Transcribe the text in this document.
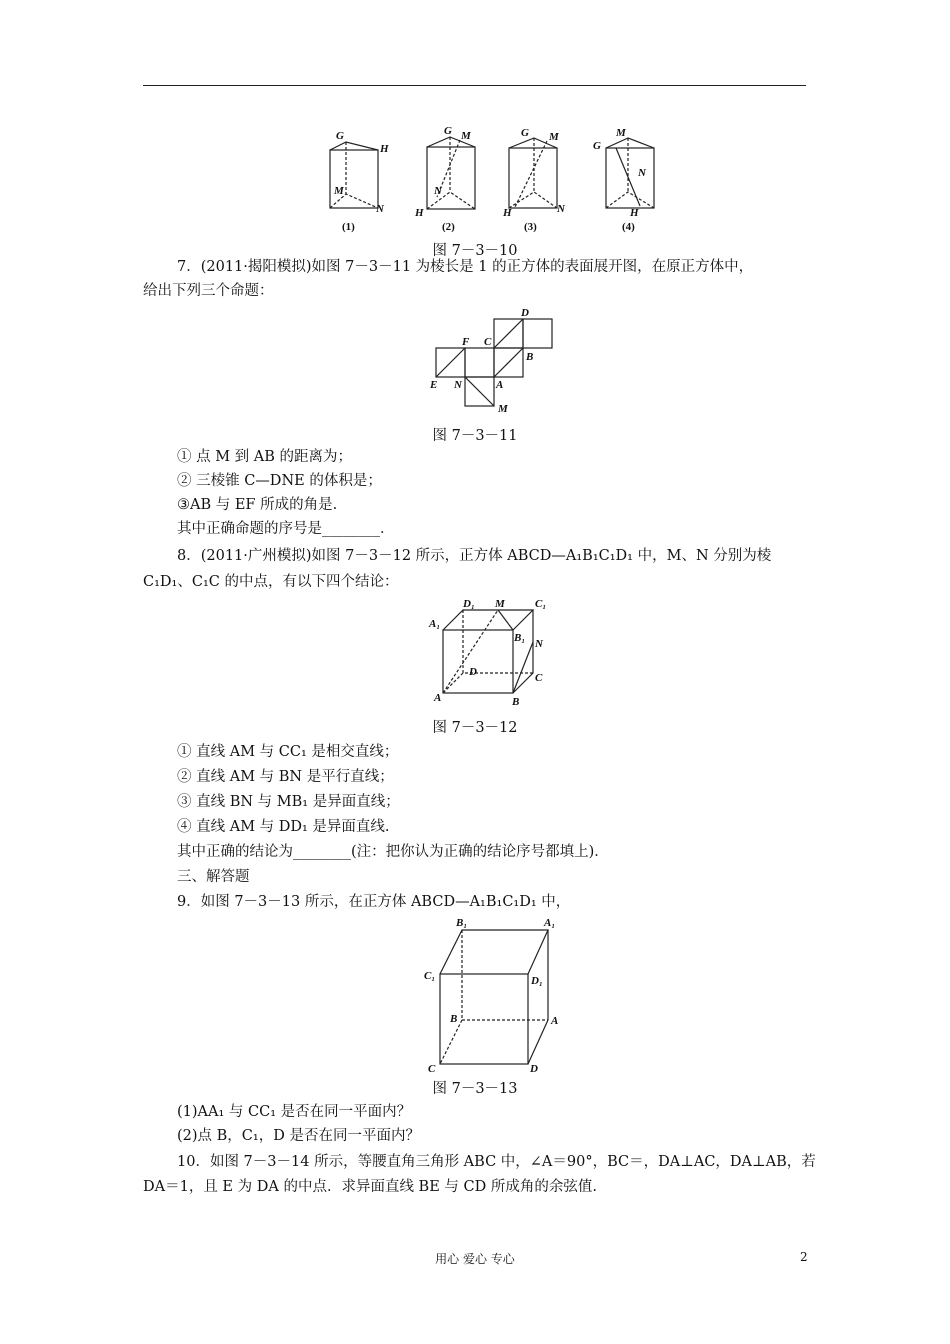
G
H
M
N
(1)
G M
N
H
(2)
G M
H	N
(3)
M
G
N
H
(4)
图 7－3－10
7．(2011·揭阳模拟)如图 7－3－11 为棱长是 1 的正方体的表面展开图，在原正方体中，
给出下列三个命题：
D
F C
B
E N	A
M
图 7－3－11
① 点 M 到 AB 的距离为；
② 三棱锥 C—DNE 的体积是；
③AB 与 EF 所成的角是.
其中正确命题的序号是________．
8．(2011·广州模拟)如图 7－3－12 所示，正方体 ABCD—A₁B₁C₁D₁ 中，M、N 分别为棱
C₁D₁、C₁C 的中点，有以下四个结论：
D₁ M	C₁
A₁
B₁ N
D	C
A	B
图 7－3－12
① 直线 AM 与 CC₁ 是相交直线；
② 直线 AM 与 BN 是平行直线；
③ 直线 BN 与 MB₁ 是异面直线；
④ 直线 AM 与 DD₁ 是异面直线.
其中正确的结论为________(注：把你认为正确的结论序号都填上)．
三、解答题
9．如图 7－3－13 所示，在正方体 ABCD—A₁B₁C₁D₁ 中，
B₁	A₁
C₁	D₁
B	A
C	D
图 7－3－13
(1)AA₁ 与 CC₁ 是否在同一平面内？
(2)点 B，C₁，D 是否在同一平面内？
10．如图 7－3－14 所示，等腰直角三角形 ABC 中，∠A＝90°，BC＝，DA⊥AC，DA⊥AB，若
DA＝1，且 E 为 DA 的中点．求异面直线 BE 与 CD 所成角的余弦值.
用心 爱心 专心	2
